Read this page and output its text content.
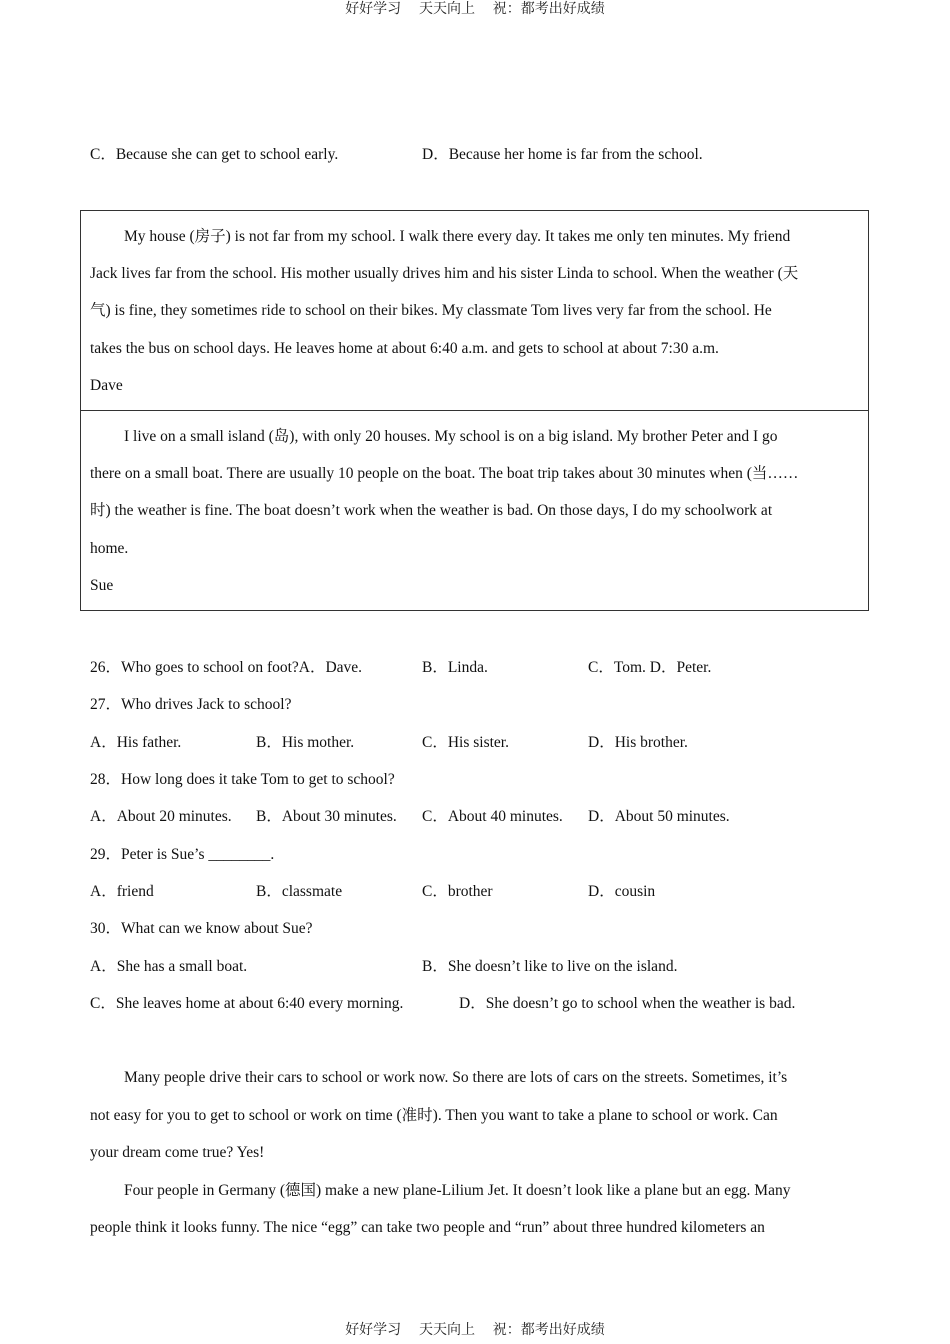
好好学习    天天向上    祝：都考出好成绩
C．Because she can get to school early.	D．Because her home is far from the school.
My house (房子) is not far from my school. I walk there every day. It takes me only ten minutes. My friend
Jack lives far from the school. His mother usually drives him and his sister Linda to school. When the weather (天
气) is fine, they sometimes ride to school on their bikes. My classmate Tom lives very far from the school. He
takes the bus on school days. He leaves home at about 6:40 a.m. and gets to school at about 7:30 a.m.
Dave
I live on a small island (岛), with only 20 houses. My school is on a big island. My brother Peter and I go
there on a small boat. There are usually 10 people on the boat. The boat trip takes about 30 minutes when (当……
时) the weather is fine. The boat doesn’t work when the weather is bad. On those days, I do my schoolwork at
home.
Sue
26．Who goes to school on foot?A．Dave.	B．Linda.	C．Tom. D．Peter.
27．Who drives Jack to school?
A．His father.	B．His mother.	C．His sister.	D．His brother.
28．How long does it take Tom to get to school?
A．About 20 minutes. B．About 30 minutes. C．About 40 minutes. D．About 50 minutes.
29．Peter is Sue’s ________.
A．friend	B．classmate	C．brother	D．cousin
30．What can we know about Sue?
A．She has a small boat.	B．She doesn’t like to live on the island.
C．She leaves home at about 6:40 every morning.	D．She doesn’t go to school when the weather is bad.
Many people drive their cars to school or work now. So there are lots of cars on the streets. Sometimes, it’s
not easy for you to get to school or work on time (准时). Then you want to take a plane to school or work. Can
your dream come true? Yes!
Four people in Germany (德国) make a new plane-Lilium Jet. It doesn’t look like a plane but an egg. Many
people think it looks funny. The nice “egg” can take two people and “run” about three hundred kilometers an
好好学习    天天向上    祝：都考出好成绩
